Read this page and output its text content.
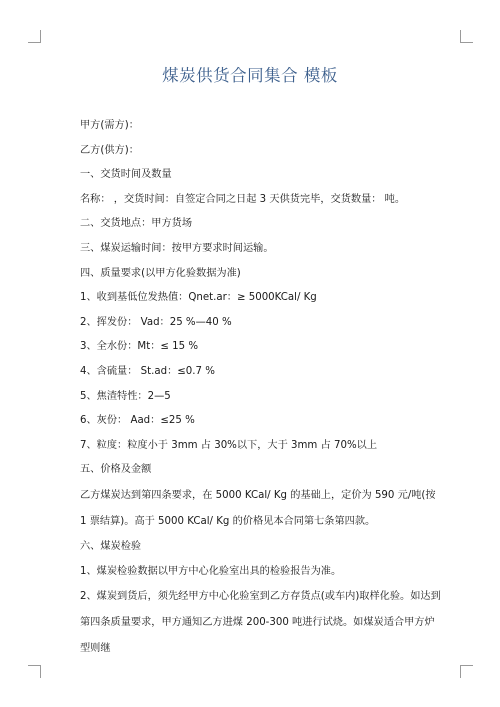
煤炭供货合同集合 模板
甲方(需方)：
乙方(供方)：
一、交货时间及数量
名称： ，交货时间：自签定合同之日起 3 天供货完毕，交货数量： 吨。
二、交货地点：甲方货场
三、煤炭运输时间：按甲方要求时间运输。
四、质量要求(以甲方化验数据为准)
1、收到基低位发热值：Qnet.ar：≥ 5000KCal/ Kg
2、挥发份： Vad：25 %—40 %
3、全水份：Mt：≤ 15 %
4、含硫量： St.ad：≤0.7 %
5、焦渣特性：2—5
6、灰份： Aad：≤25 %
7、粒度：粒度小于 3mm 占 30%以下，大于 3mm 占 70%以上
五、价格及金额
乙方煤炭达到第四条要求，在 5000 KCal/ Kg 的基础上，定价为 590 元/吨(按 1 票结算)。高于 5000 KCal/ Kg 的价格见本合同第七条第四款。
六、煤炭检验
1、煤炭检验数据以甲方中心化验室出具的检验报告为准。
2、煤炭到货后，须先经甲方中心化验室到乙方存货点(或车内)取样化验。如达到第四条质量要求，甲方通知乙方进煤 200-300 吨进行试烧。如煤炭适合甲方炉型则继
